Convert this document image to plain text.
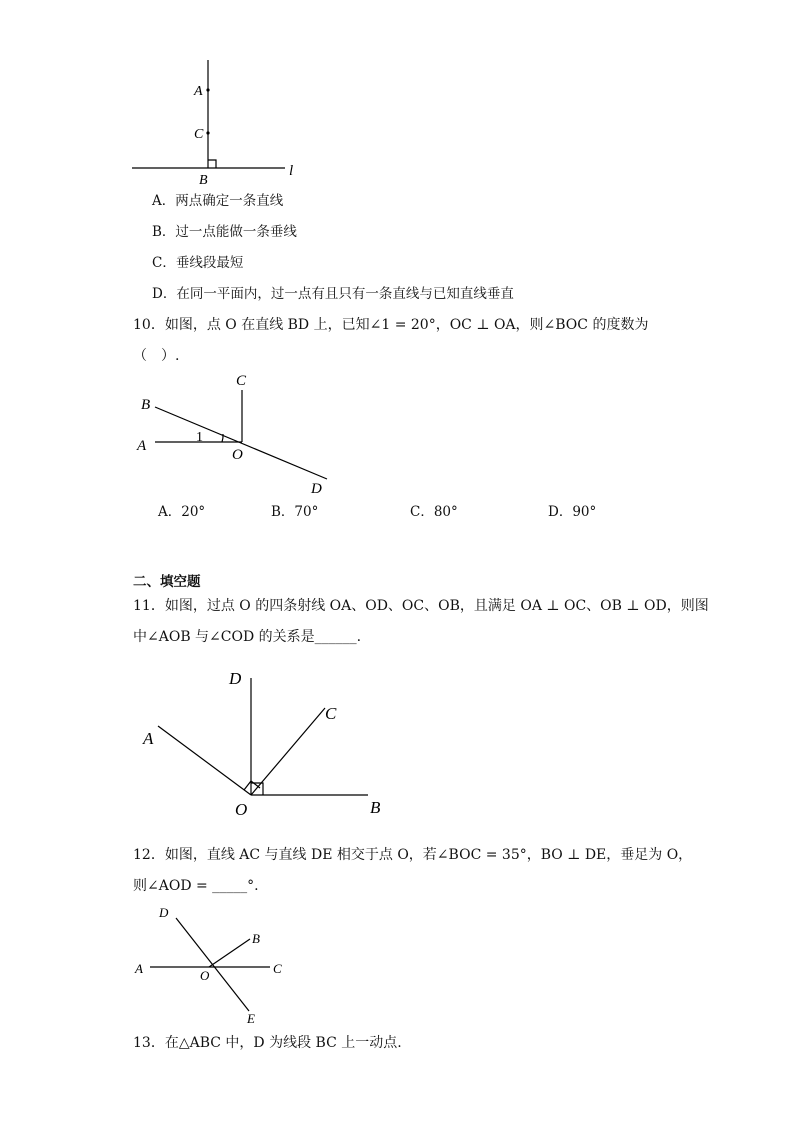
A
C
B
l
B
C
A
1
O
D
D
C
A
O	B
D
B
A	O	C
E
A．两点确定一条直线
B．过一点能做一条垂线
C．垂线段最短
D．在同一平面内，过一点有且只有一条直线与已知直线垂直
10．如图，点 O 在直线 BD 上，已知∠1 = 20°，OC ⊥ OA，则∠BOC 的度数为
（　）.
A．20°	B．70°	C．80°	D．90°
二、填空题
11．如图，过点 O 的四条射线 OA、OD、OC、OB，且满足 OA ⊥ OC、OB ⊥ OD，则图
中∠AOB 与∠COD 的关系是______.
12．如图，直线 AC 与直线 DE 相交于点 O，若∠BOC = 35°，BO ⊥ DE，垂足为 O，
则∠AOD = _____°.
13．在△ABC 中，D 为线段 BC 上一动点.
